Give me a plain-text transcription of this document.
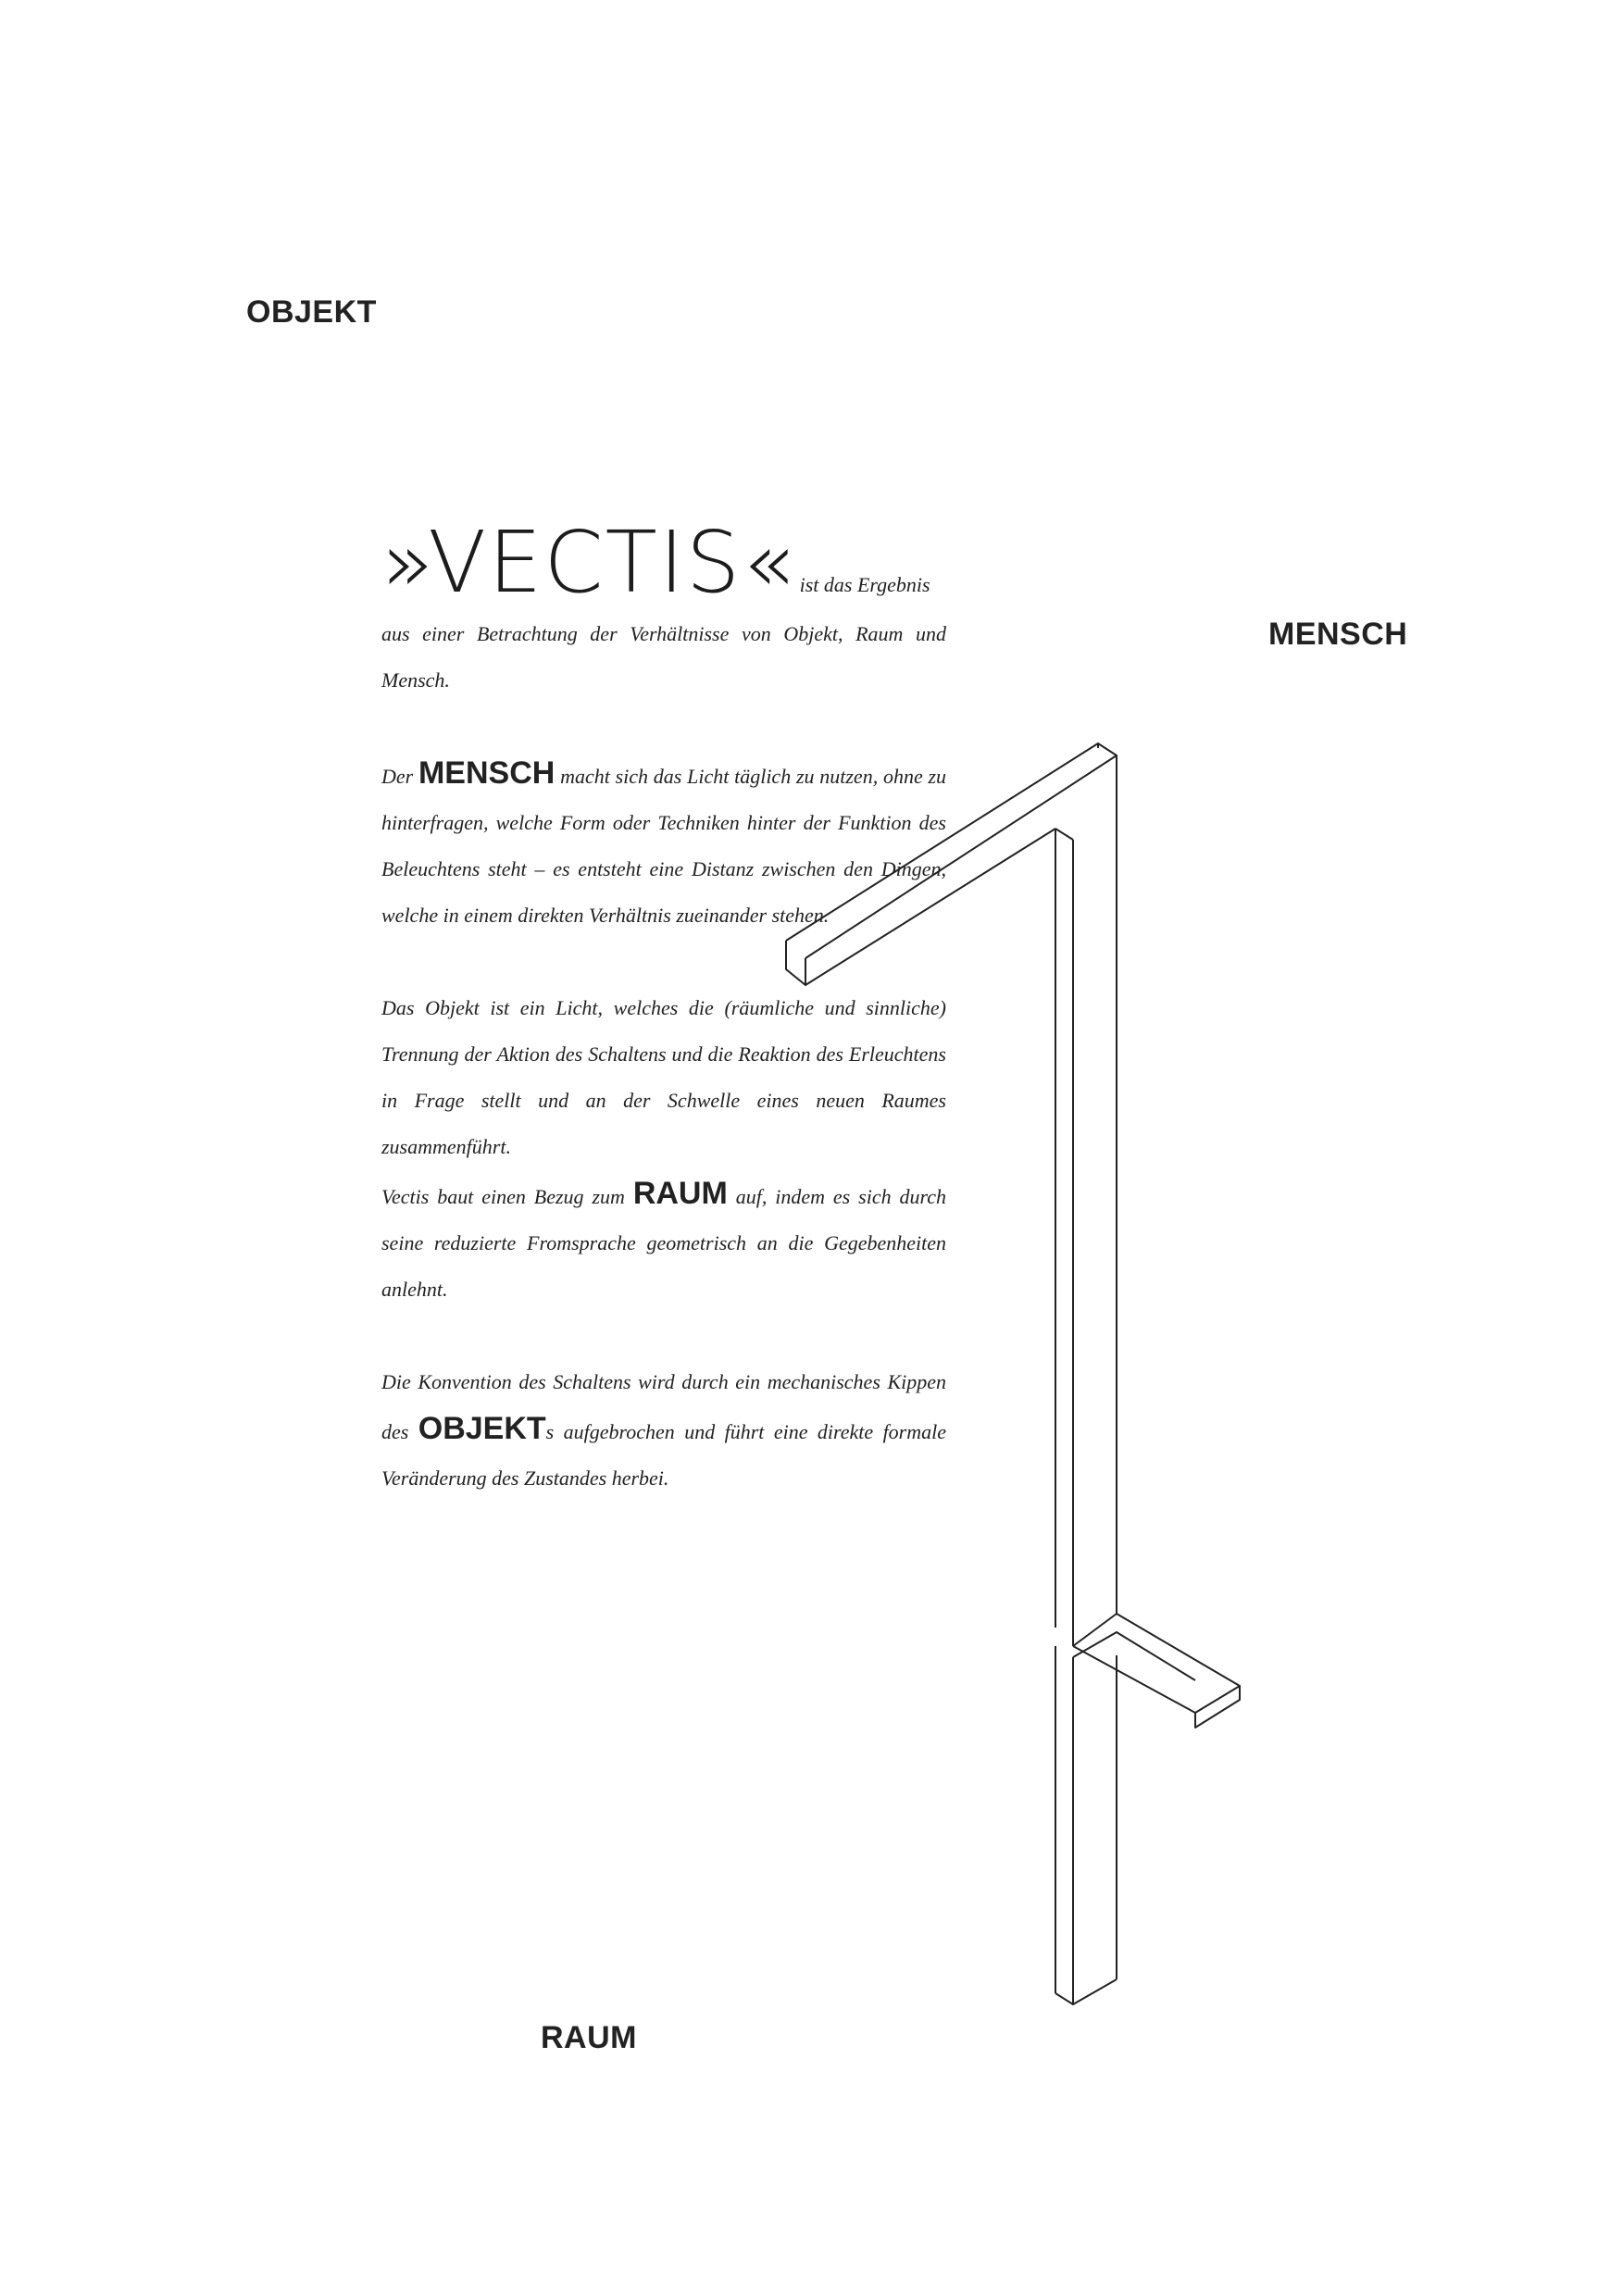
OBJEKT
MENSCH
RAUM
»VECTIS« ist das Ergebnis

aus einer Betrachtung der Verhältnisse von Objekt, Raum und Mensch.

Der MENSCH macht sich das Licht täglich zu nutzen, ohne zu hinterfragen, welche Form oder Techniken hinter der Funktion des Beleuchtens steht – es entsteht eine Distanz zwischen den Dingen, welche in einem direkten Verhältnis zueinander stehen.

Das Objekt ist ein Licht, welches die (räumliche und sinnliche) Trennung der Aktion des Schaltens und die Reaktion des Erleuchtens in Frage stellt und an der Schwelle eines neuen Raumes zusammenführt.

Vectis baut einen Bezug zum RAUM auf, indem es sich durch seine reduzierte Fromsprache geometrisch an die Gegebenheiten anlehnt.

Die Konvention des Schaltens wird durch ein mechanisches Kippen des OBJEKTs aufgebrochen und führt eine direkte formale Veränderung des Zustandes herbei.
